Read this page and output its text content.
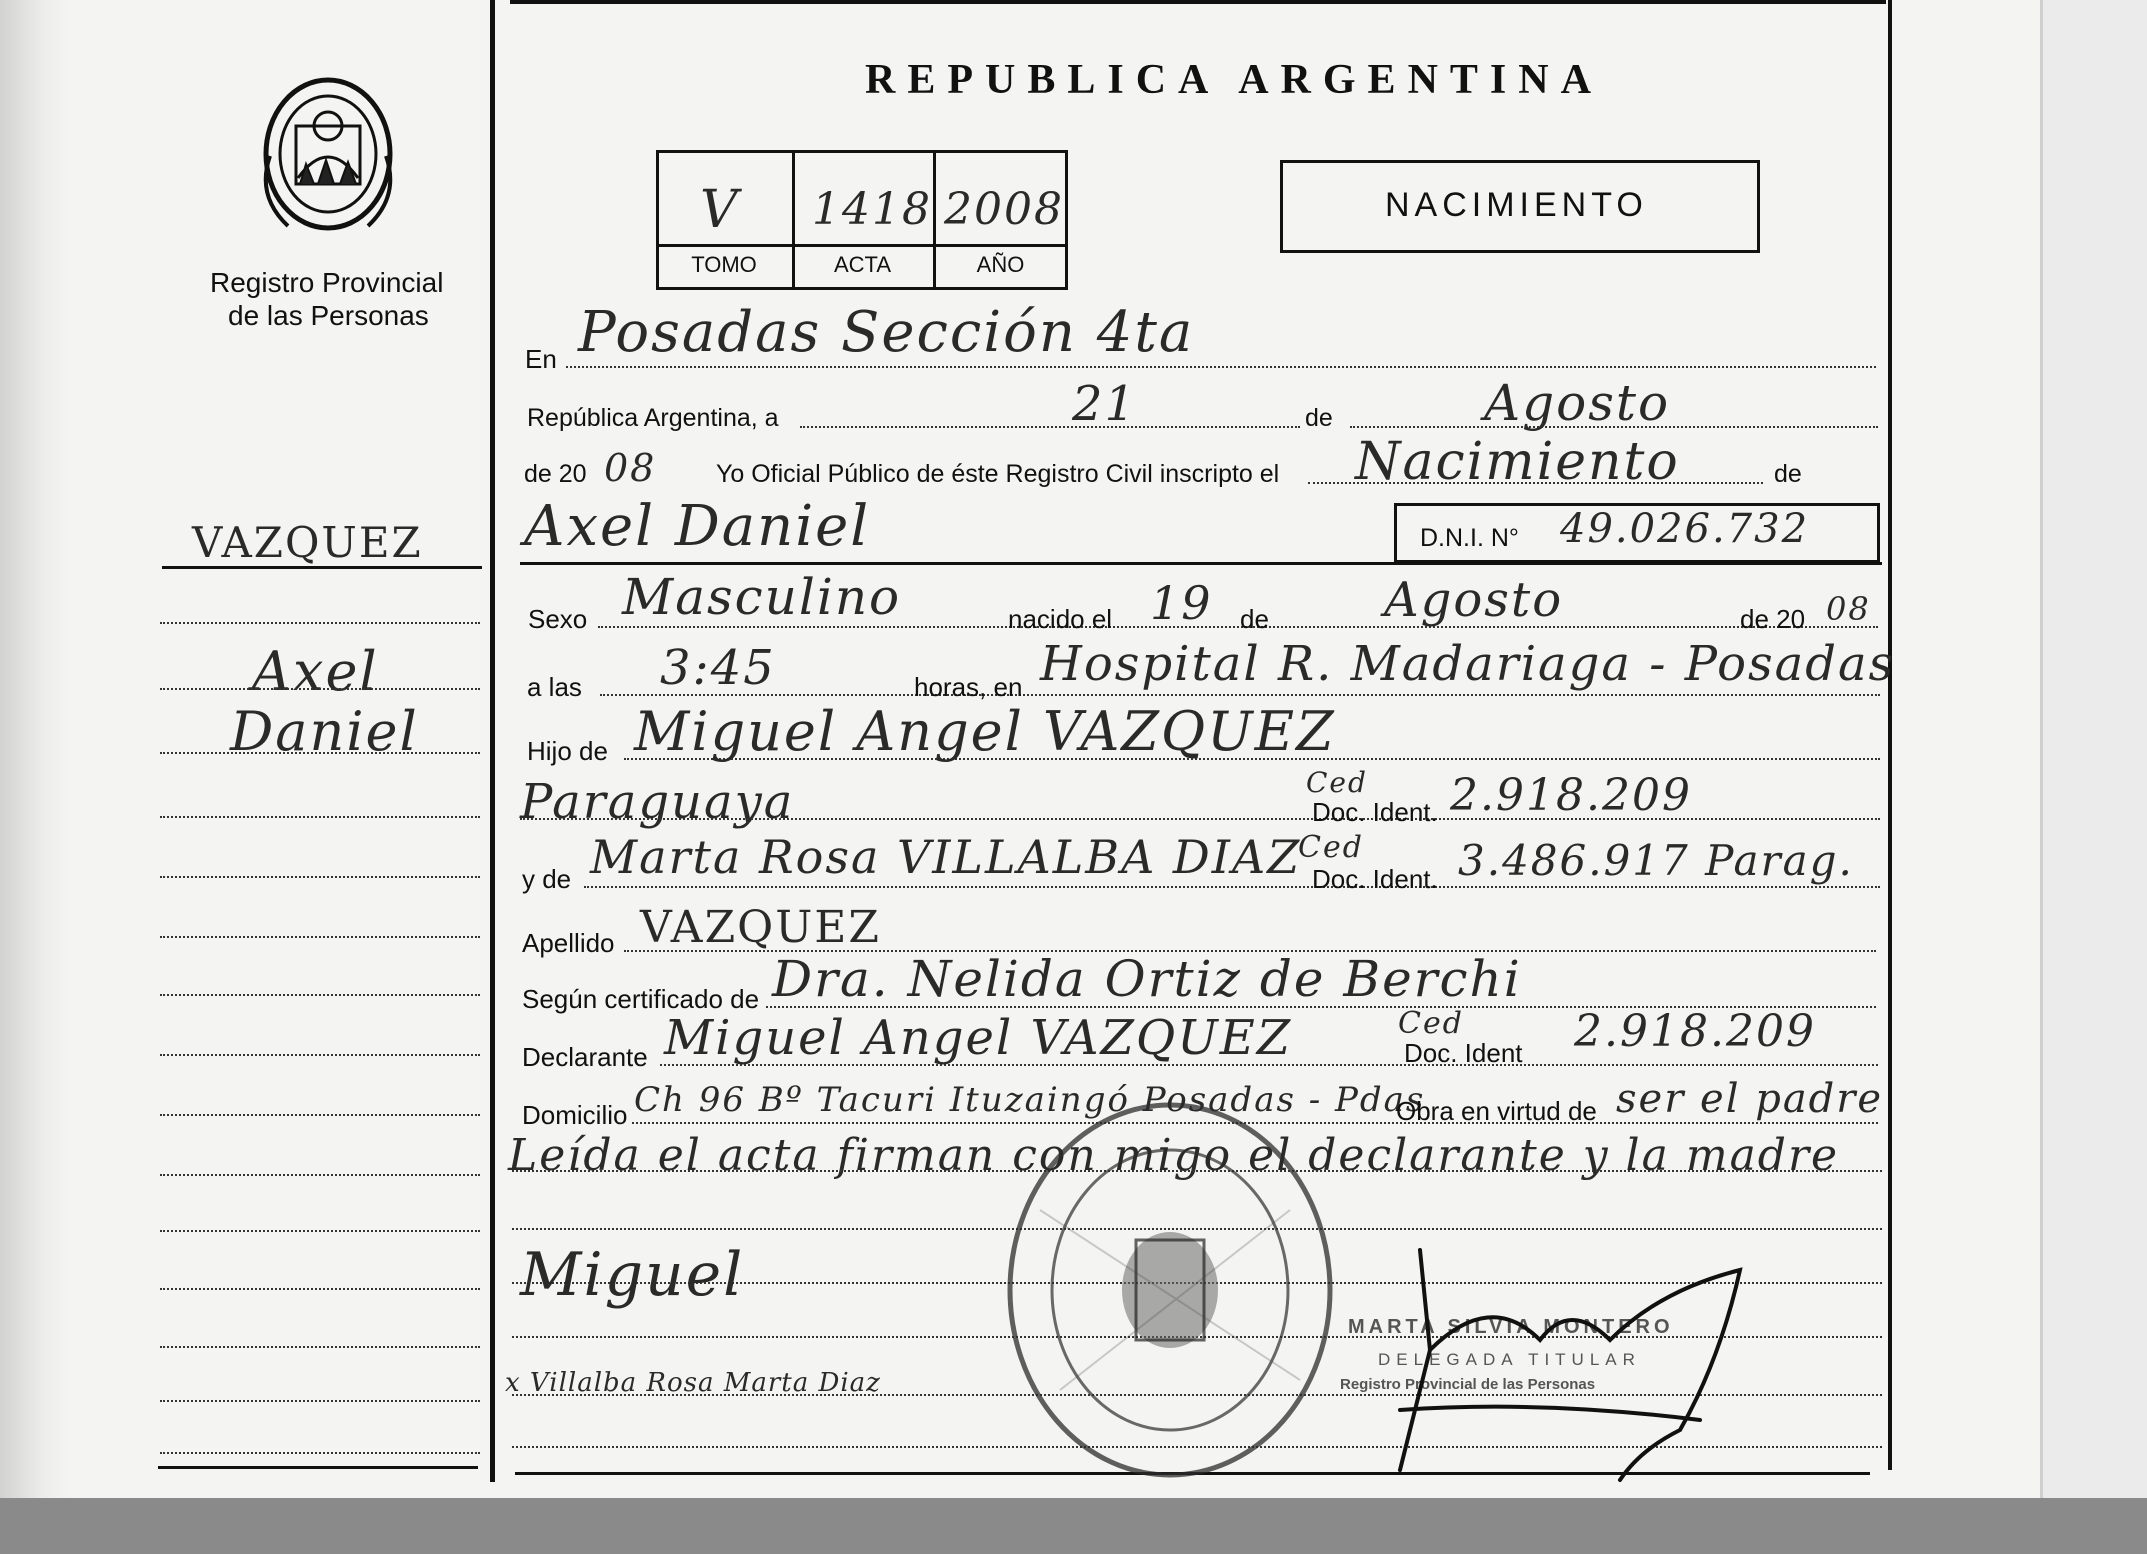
Registro Provincial
de las Personas
REPUBLICA ARGENTINA
V 1418 2008
TOMO	ACTA	AÑO
NACIMIENTO
VAZQUEZ
Axel
Daniel
En Posadas Sección 4ta
República Argentina, a	21	de	Agosto
de 20 08 Yo Oficial Público de éste Registro Civil inscripto el Nacimiento	de
Axel Daniel	D.N.I. N° 49.026.732
Sexo Masculino	nacido el 19 de Agosto	de 20 08
a las 3:45	horas, en Hospital R. Madariaga - Posadas
Hijo de Miguel Angel VAZQUEZ
Paraguaya	Ced
Doc. Ident. 2.918.209
y de Marta Rosa VILLALBA DIAZ
Ced
Doc. Ident. 3.486.917 Parag.
Apellido VAZQUEZ
Según certificado de Dra. Nelida Ortiz de Berchi
Declarante Miguel Angel VAZQUEZ	Ced
Doc. Ident 2.918.209
Domicilio Ch 96 Bº Tacuri Ituzaingó Posadas - Pdas
Obra en virtud de ser el padre
Leída el acta firman con migo el declarante y la madre
Miguel
x Villalba Rosa Marta Diaz
MARTA SILVIA MONTERO
DELEGADA TITULAR
Registro Provincial de las Personas
